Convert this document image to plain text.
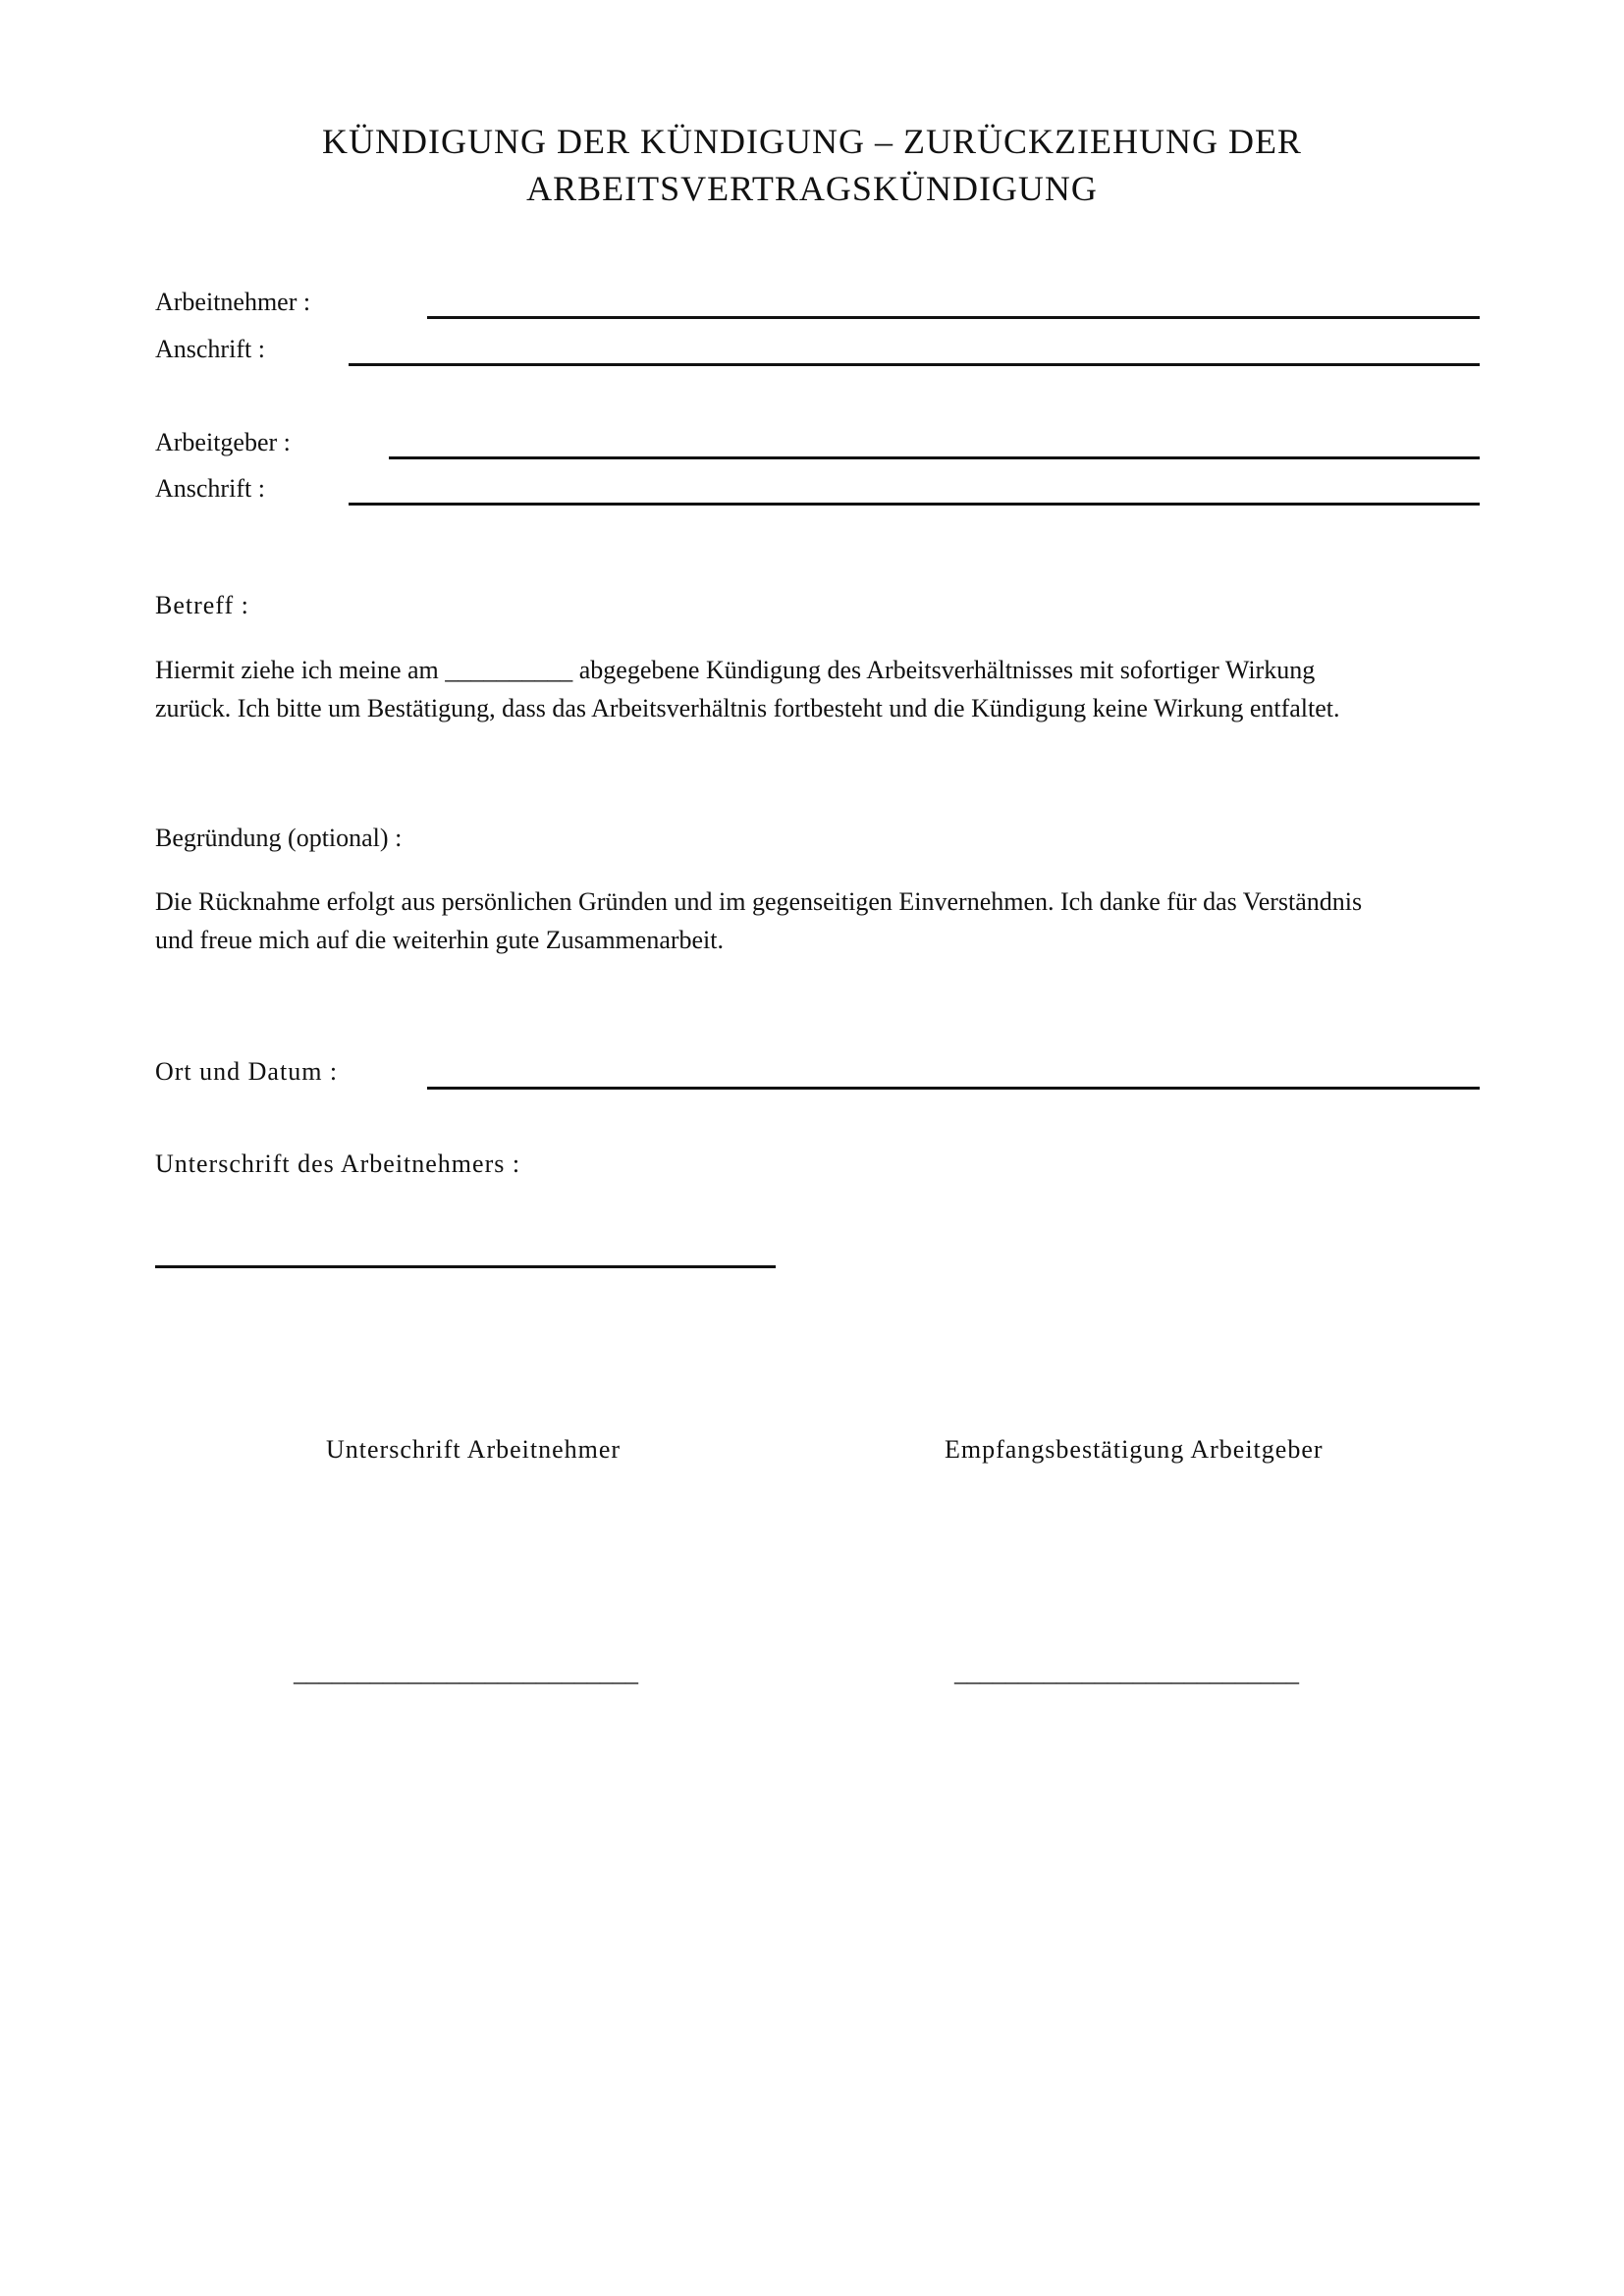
KÜNDIGUNG DER KÜNDIGUNG – ZURÜCKZIEHUNG DER
ARBEITSVERTRAGSKÜNDIGUNG
Arbeitnehmer :
Anschrift :
Arbeitgeber :
Anschrift :
Betreff :
Hiermit ziehe ich meine am __________ abgegebene Kündigung des Arbeitsverhältnisses mit sofortiger Wirkung
zurück. Ich bitte um Bestätigung, dass das Arbeitsverhältnis fortbesteht und die Kündigung keine Wirkung entfaltet.
Begründung (optional) :
Die Rücknahme erfolgt aus persönlichen Gründen und im gegenseitigen Einvernehmen. Ich danke für das Verständnis
und freue mich auf die weiterhin gute Zusammenarbeit.
Ort und Datum :
Unterschrift des Arbeitnehmers :
Unterschrift Arbeitnehmer	Empfangsbestätigung Arbeitgeber
___________________________	___________________________
